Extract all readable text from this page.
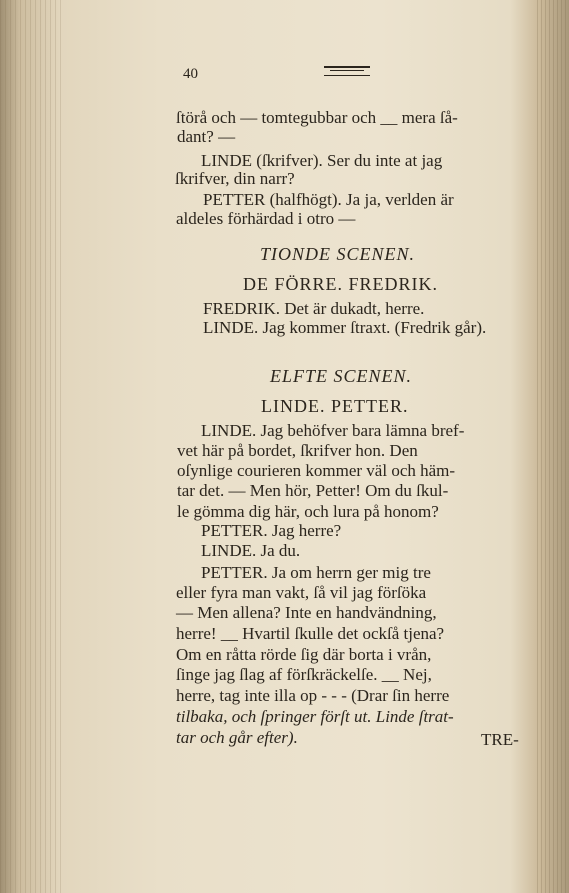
40
ſtörå och — tomtegubbar och __ mera ſå-
dant? —
LINDE (ſkrifver). Ser du inte at jag
ſkrifver, din narr?
PETTER (halfhögt). Ja ja, verlden är
aldeles förhärdad i otro —
TIONDE SCENEN.
DE FÖRRE. FREDRIK.
FREDRIK. Det är dukadt, herre.
LINDE. Jag kommer ſtraxt. (Fredrik går).
ELFTE SCENEN.
LINDE. PETTER.
LINDE. Jag behöfver bara lämna bref-
vet här på bordet, ſkrifver hon. Den
oſynlige courieren kommer väl och häm-
tar det. — Men hör, Petter! Om du ſkul-
le gömma dig här, och lura på honom?
PETTER. Jag herre?
LINDE. Ja du.
PETTER. Ja om herrn ger mig tre
eller fyra man vakt, ſå vil jag förſöka
— Men allena? Inte en handvändning,
herre! __ Hvartil ſkulle det ockſå tjena?
Om en råtta rörde ſig där borta i vrån,
ſinge jag ſlag af förſkräckelſe. __ Nej,
herre, tag inte illa op - - - (Drar ſin herre
tilbaka, och ſpringer förſt ut. Linde ſtrat-
tar och går efter).	TRE-
